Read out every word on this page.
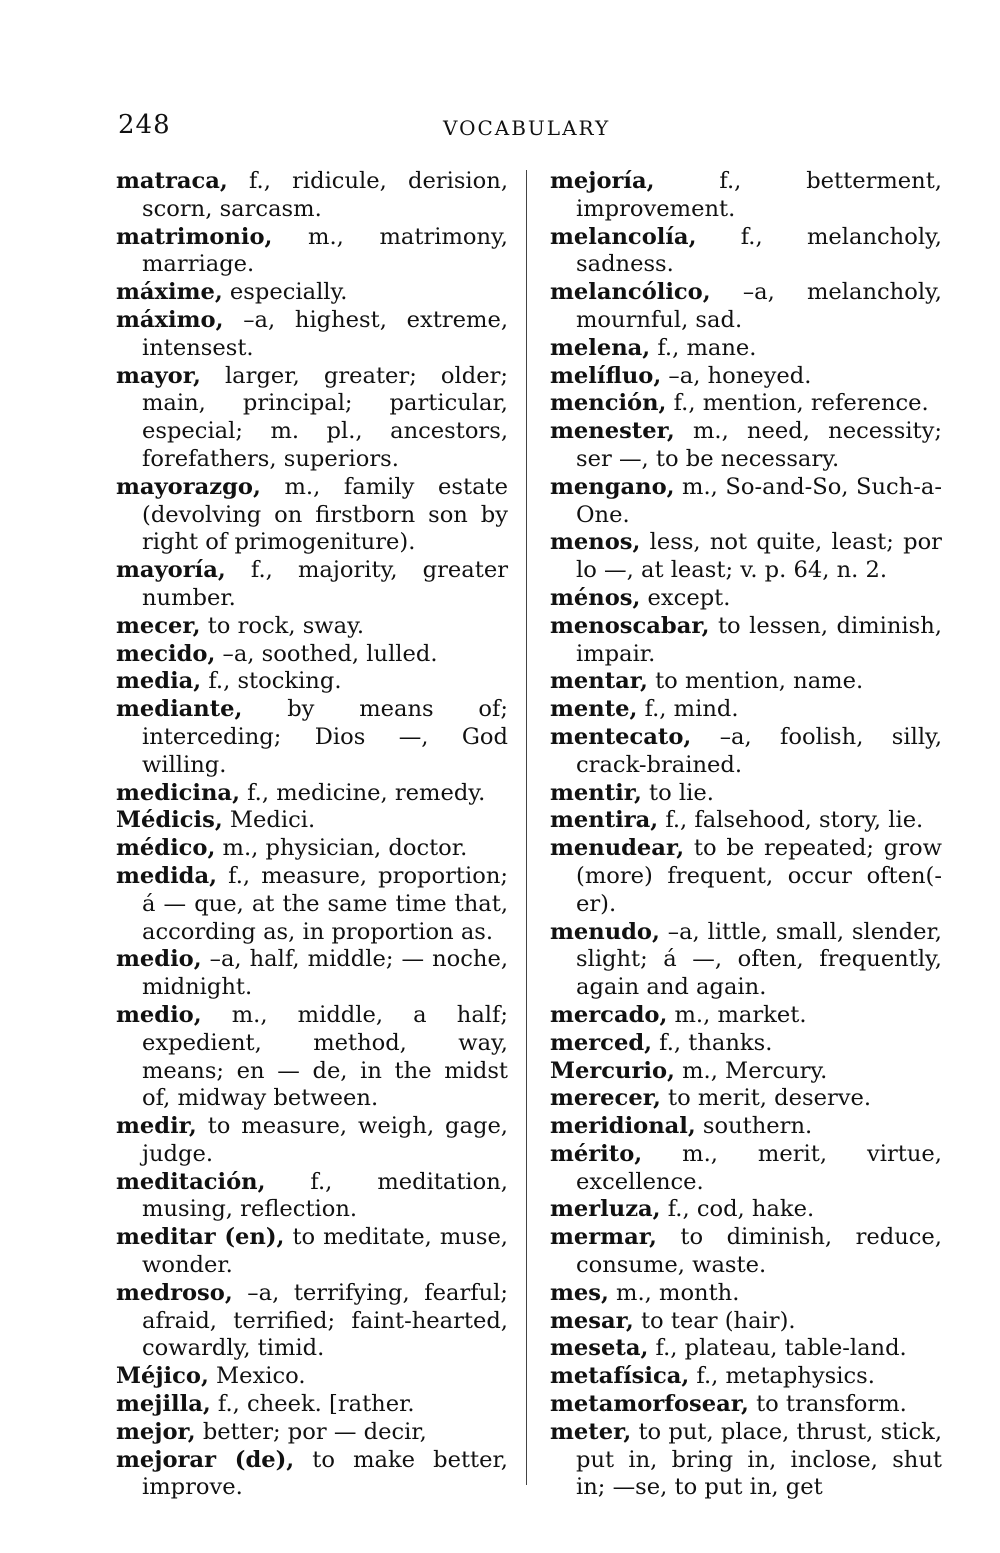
248	VOCABULARY

matraca, f., ridicule, derision, scorn, sarcasm.

matrimonio, m., matrimony, marriage.

máxime, especially.

máximo, –a, highest, extreme, intensest.

mayor, larger, greater; older; main, principal; particular, especial; m. pl., ancestors, forefathers, superiors.

mayorazgo, m., family estate (devolving on firstborn son by right of primogeniture).

mayoría, f., majority, greater number.

mecer, to rock, sway.

mecido, –a, soothed, lulled.

media, f., stocking.

mediante, by means of; interceding; Dios —, God willing.

medicina, f., medicine, remedy.

Médicis, Medici.

médico, m., physician, doctor.

medida, f., measure, proportion; á — que, at the same time that, according as, in proportion as.

medio, –a, half, middle; — noche, midnight.

medio, m., middle, a half; expedient, method, way, means; en — de, in the midst of, midway between.

medir, to measure, weigh, gage, judge.

meditación, f., meditation, musing, reflection.

meditar (en), to meditate, muse, wonder.

medroso, –a, terrifying, fearful; afraid, terrified; faint-hearted, cowardly, timid.

Méjico, Mexico.

mejilla, f., cheek. [rather.

mejor, better; por — decir,

mejorar (de), to make better, improve.

mejoría, f., betterment, improvement.

melancolía, f., melancholy, sadness.

melancólico, –a, melancholy, mournful, sad.

melena, f., mane.

melífluo, –a, honeyed.

mención, f., mention, reference.

menester, m., need, necessity; ser —, to be necessary.

mengano, m., So-and-So, Such-a-One.

menos, less, not quite, least; por lo —, at least; v. p. 64, n. 2.

ménos, except.

menoscabar, to lessen, diminish, impair.

mentar, to mention, name.

mente, f., mind.

mentecato, –a, foolish, silly, crack-brained.

mentir, to lie.

mentira, f., falsehood, story, lie.

menudear, to be repeated; grow (more) frequent, occur often(-er).

menudo, –a, little, small, slender, slight; á —, often, frequently, again and again.

mercado, m., market.

merced, f., thanks.

Mercurio, m., Mercury.

merecer, to merit, deserve.

meridional, southern.

mérito, m., merit, virtue, excellence.

merluza, f., cod, hake.

mermar, to diminish, reduce, consume, waste.

mes, m., month.

mesar, to tear (hair).

meseta, f., plateau, table-land.

metafísica, f., metaphysics.

metamorfosear, to transform.

meter, to put, place, thrust, stick, put in, bring in, inclose, shut in; —se, to put in, get
